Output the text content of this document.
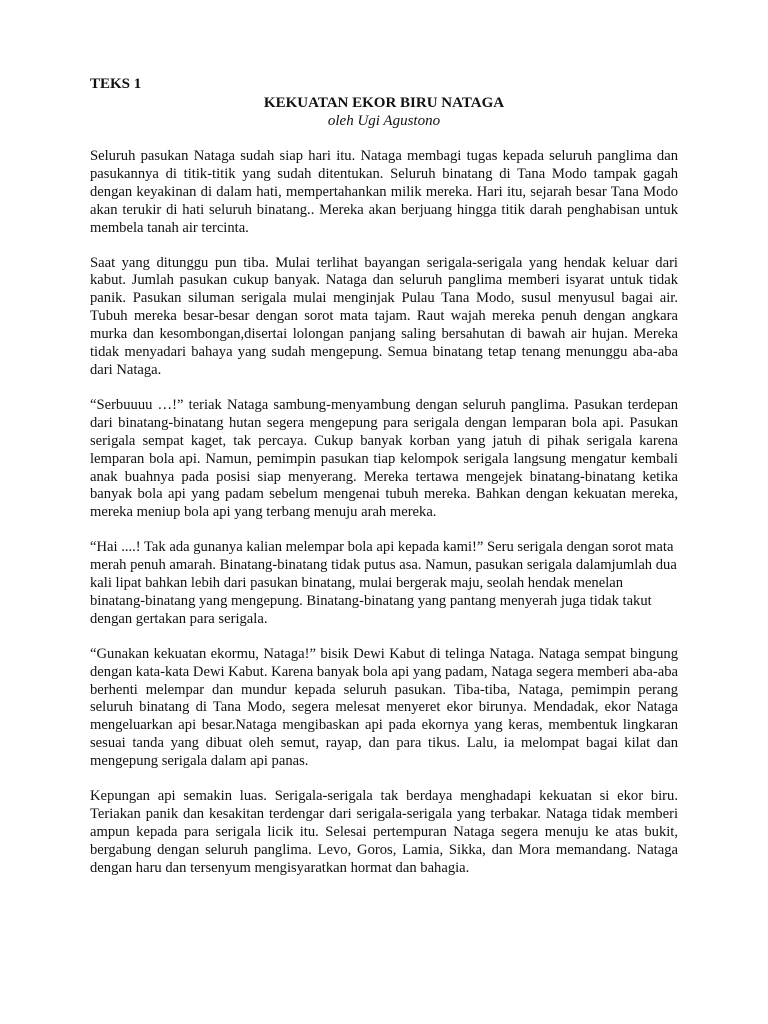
TEKS 1

KEKUATAN EKOR BIRU NATAGA

oleh Ugi Agustono

Seluruh pasukan Nataga sudah siap hari itu. Nataga membagi tugas kepada seluruh panglima dan pasukannya di titik-titik yang sudah ditentukan. Seluruh binatang di Tana Modo tampak gagah dengan keyakinan di dalam hati, mempertahankan milik mereka. Hari itu, sejarah besar Tana Modo akan terukir di hati seluruh binatang.. Mereka akan berjuang hingga titik darah penghabisan untuk membela tanah air tercinta.

Saat yang ditunggu pun tiba. Mulai terlihat bayangan serigala-serigala yang hendak keluar dari kabut. Jumlah pasukan cukup banyak. Nataga dan seluruh panglima memberi isyarat untuk tidak panik. Pasukan siluman serigala mulai menginjak Pulau Tana Modo, susul menyusul bagai air. Tubuh mereka besar-besar dengan sorot mata tajam. Raut wajah mereka penuh dengan angkara murka dan kesombongan,disertai lolongan panjang saling bersahutan di bawah air hujan. Mereka tidak menyadari bahaya yang sudah mengepung. Semua binatang tetap tenang menunggu aba-aba dari Nataga.

“Serbuuuu …!” teriak Nataga sambung-menyambung dengan seluruh panglima. Pasukan terdepan dari binatang-binatang hutan segera mengepung para serigala dengan lemparan bola api. Pasukan serigala sempat kaget, tak percaya. Cukup banyak korban yang jatuh di pihak serigala karena lemparan bola api. Namun, pemimpin pasukan tiap kelompok serigala langsung mengatur kembali anak buahnya pada posisi siap menyerang. Mereka tertawa mengejek binatang-binatang ketika banyak bola api yang padam sebelum mengenai tubuh mereka. Bahkan dengan kekuatan mereka, mereka meniup bola api yang terbang menuju arah mereka.

“Hai ....! Tak ada gunanya kalian melempar bola api kepada kami!” Seru serigala dengan sorot mata merah penuh amarah. Binatang-binatang tidak putus asa. Namun, pasukan serigala dalamjumlah dua kali lipat bahkan lebih dari pasukan binatang, mulai bergerak maju, seolah hendak menelan binatang-binatang yang mengepung. Binatang-binatang yang pantang menyerah juga tidak takut dengan gertakan para serigala.

“Gunakan kekuatan ekormu, Nataga!” bisik Dewi Kabut di telinga Nataga. Nataga sempat bingung dengan kata-kata Dewi Kabut. Karena banyak bola api yang padam, Nataga segera memberi aba-aba berhenti melempar dan mundur kepada seluruh pasukan. Tiba-tiba, Nataga, pemimpin perang seluruh binatang di Tana Modo, segera melesat menyeret ekor birunya. Mendadak, ekor Nataga mengeluarkan api besar.Nataga mengibaskan api pada ekornya yang keras, membentuk lingkaran sesuai tanda yang dibuat oleh semut, rayap, dan para tikus. Lalu, ia melompat bagai kilat dan mengepung serigala dalam api panas.

Kepungan api semakin luas. Serigala-serigala tak berdaya menghadapi kekuatan si ekor biru. Teriakan panik dan kesakitan terdengar dari serigala-serigala yang terbakar. Nataga tidak memberi ampun kepada para serigala licik itu. Selesai pertempuran Nataga segera menuju ke atas bukit, bergabung dengan seluruh panglima. Levo, Goros, Lamia, Sikka, dan Mora memandang. Nataga dengan haru dan tersenyum mengisyaratkan hormat dan bahagia.
